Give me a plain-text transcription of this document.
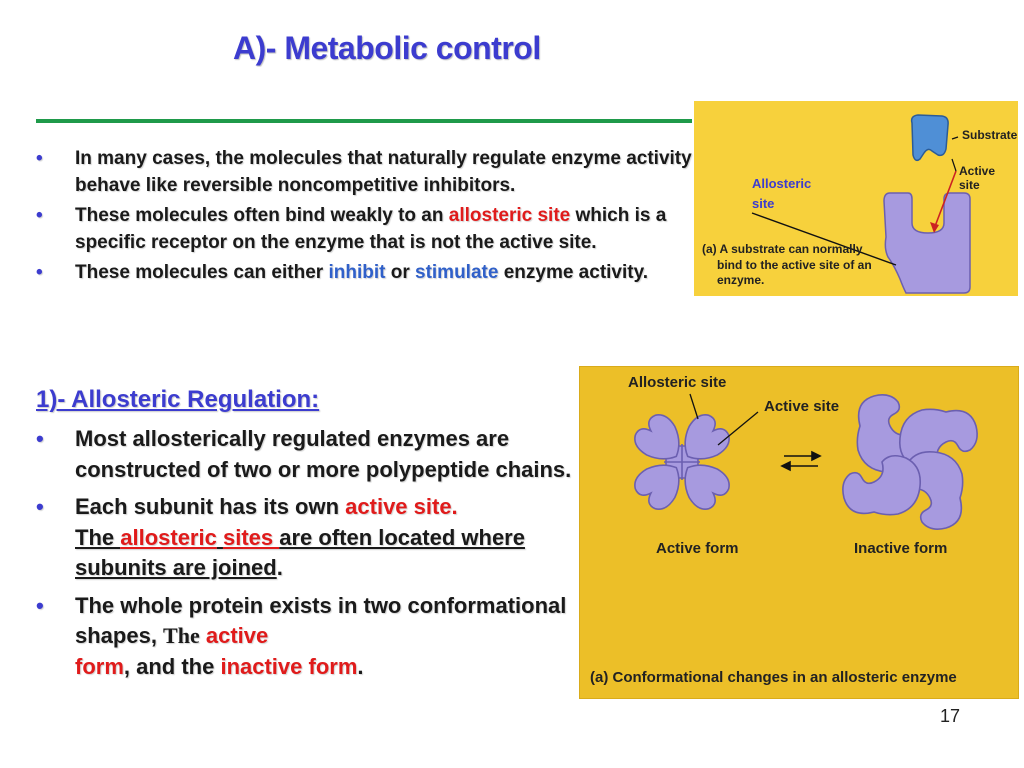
A)- Metabolic control
• In many cases, the molecules that naturally regulate enzyme activity behave like reversible noncompetitive inhibitors.
• These molecules often bind weakly to an allosteric site which is a specific receptor on the enzyme that is not the active site.
• These molecules can either inhibit or stimulate enzyme activity.
1)- Allosteric Regulation:
• Most allosterically regulated enzymes are constructed of two or more polypeptide chains.
• Each subunit has its own active site.
The allosteric sites are often located where subunits are joined.
• The whole protein exists in two conformational shapes, The active
form, and the inactive form.
Substrate
Active site
Allosteric
site
(a) A substrate can normally
bind to the active site of an
enzyme.
Allosteric site
Active site
Active form	Inactive form
(a) Conformational changes in an allosteric enzyme
17
